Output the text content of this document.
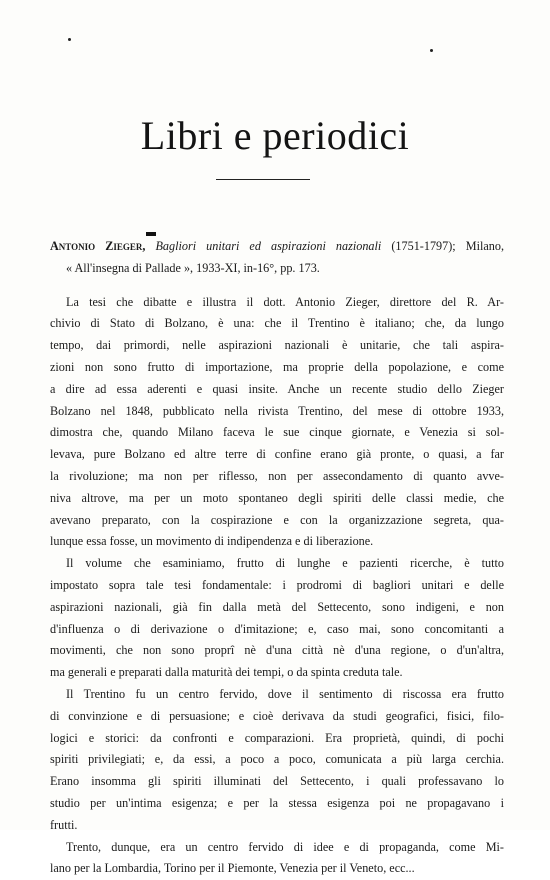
Libri e periodici
Antonio Zieger, Bagliori unitari ed aspirazioni nazionali (1751-1797); Milano,
« All'insegna di Pallade », 1933-XI, in-16°, pp. 173.
La tesi che dibatte e illustra il dott. Antonio Zieger, direttore del R. Ar-
chivio di Stato di Bolzano, è una: che il Trentino è italiano; che, da lungo
tempo, dai primordi, nelle aspirazioni nazionali è unitarie, che tali aspira-
zioni non sono frutto di importazione, ma proprie della popolazione, e come
a dire ad essa aderenti e quasi insite. Anche un recente studio dello Zieger
Bolzano nel 1848, pubblicato nella rivista Trentino, del mese di ottobre 1933,
dimostra che, quando Milano faceva le sue cinque giornate, e Venezia si sol-
levava, pure Bolzano ed altre terre di confine erano già pronte, o quasi, a far
la rivoluzione; ma non per riflesso, non per assecondamento di quanto avve-
niva altrove, ma per un moto spontaneo degli spiriti delle classi medie, che
avevano preparato, con la cospirazione e con la organizzazione segreta, qua-
lunque essa fosse, un movimento di indipendenza e di liberazione.
Il volume che esaminiamo, frutto di lunghe e pazienti ricerche, è tutto
impostato sopra tale tesi fondamentale: i prodromi di bagliori unitari e delle
aspirazioni nazionali, già fin dalla metà del Settecento, sono indigeni, e non
d'influenza o di derivazione o d'imitazione; e, caso mai, sono concomitanti a
movimenti, che non sono proprî nè d'una città nè d'una regione, o d'un'altra,
ma generali e preparati dalla maturità dei tempi, o da spinta creduta tale.
Il Trentino fu un centro fervido, dove il sentimento di riscossa era frutto
di convinzione e di persuasione; e cioè derivava da studi geografici, fisici, filo-
logici e storici: da confronti e comparazioni. Era proprietà, quindi, di pochi
spiriti privilegiati; e, da essi, a poco a poco, comunicata a più larga cerchia.
Erano insomma gli spiriti illuminati del Settecento, i quali professavano lo
studio per un'intima esigenza; e per la stessa esigenza poi ne propagavano i
frutti.
Trento, dunque, era un centro fervido di idee e di propaganda, come Mi-
lano per la Lombardia, Torino per il Piemonte, Venezia per il Veneto, ecc...
